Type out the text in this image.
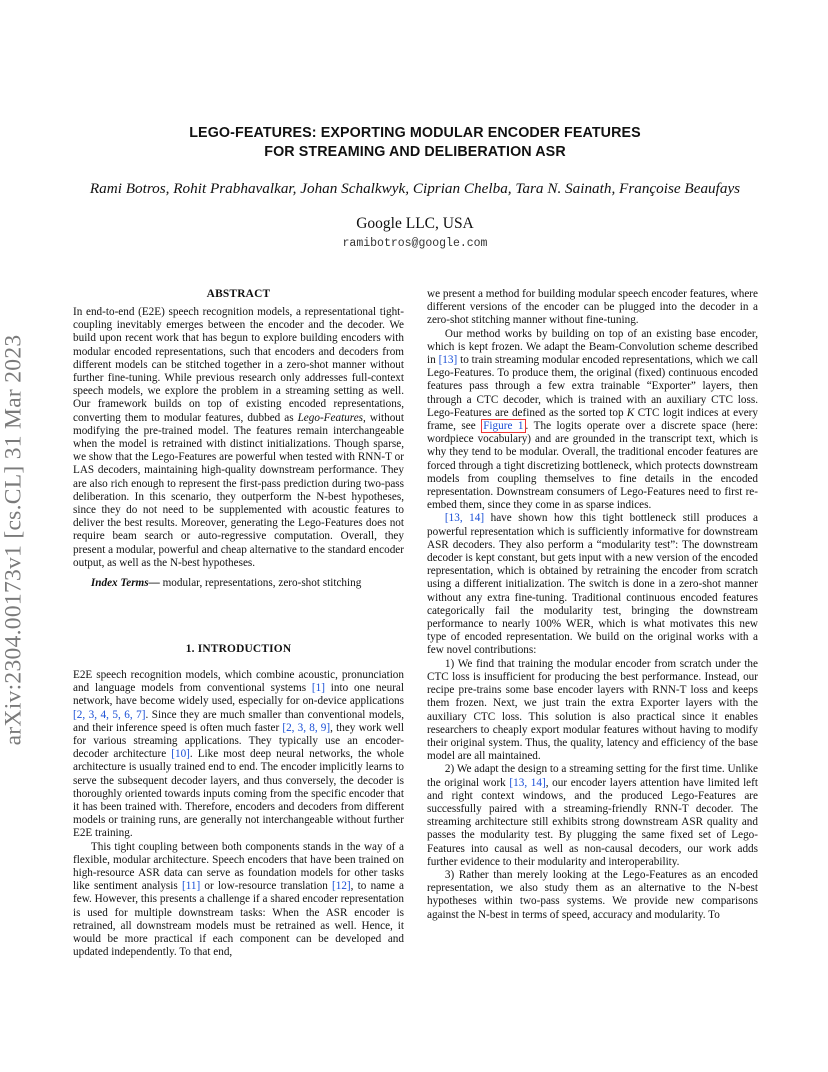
arXiv:2304.00173v1 [cs.CL] 31 Mar 2023
LEGO-FEATURES: EXPORTING MODULAR ENCODER FEATURES
FOR STREAMING AND DELIBERATION ASR
Rami Botros, Rohit Prabhavalkar, Johan Schalkwyk, Ciprian Chelba, Tara N. Sainath, Françoise Beaufays
Google LLC, USA
ramibotros@google.com
ABSTRACT

In end-to-end (E2E) speech recognition models, a representational tight-coupling inevitably emerges between the encoder and the decoder. We build upon recent work that has begun to explore building encoders with modular encoded representations, such that encoders and decoders from different models can be stitched together in a zero-shot manner without further fine-tuning. While previous research only addresses full-context speech models, we explore the problem in a streaming setting as well. Our framework builds on top of existing encoded representations, converting them to modular features, dubbed as Lego-Features, without modifying the pre-trained model. The features remain interchangeable when the model is retrained with distinct initializations. Though sparse, we show that the Lego-Features are powerful when tested with RNN-T or LAS decoders, maintaining high-quality downstream performance. They are also rich enough to represent the first-pass prediction during two-pass deliberation. In this scenario, they outperform the N-best hypotheses, since they do not need to be supplemented with acoustic features to deliver the best results. Moreover, generating the Lego-Features does not require beam search or auto-regressive computation. Overall, they present a modular, powerful and cheap alternative to the standard encoder output, as well as the N-best hypotheses.

Index Terms— modular, representations, zero-shot stitching

1. INTRODUCTION

E2E speech recognition models, which combine acoustic, pronunciation and language models from conventional systems [1] into one neural network, have become widely used, especially for on-device applications [2, 3, 4, 5, 6, 7]. Since they are much smaller than conventional models, and their inference speed is often much faster [2, 3, 8, 9], they work well for various streaming applications. They typically use an encoder-decoder architecture [10]. Like most deep neural networks, the whole architecture is usually trained end to end. The encoder implicitly learns to serve the subsequent decoder layers, and thus conversely, the decoder is thoroughly oriented towards inputs coming from the specific encoder that it has been trained with. Therefore, encoders and decoders from different models or training runs, are generally not interchangeable without further E2E training.

This tight coupling between both components stands in the way of a flexible, modular architecture. Speech encoders that have been trained on high-resource ASR data can serve as foundation models for other tasks like sentiment analysis [11] or low-resource translation [12], to name a few. However, this presents a challenge if a shared encoder representation is used for multiple downstream tasks: When the ASR encoder is retrained, all downstream models must be retrained as well. Hence, it would be more practical if each component can be developed and updated independently. To that end,

we present a method for building modular speech encoder features, where different versions of the encoder can be plugged into the decoder in a zero-shot stitching manner without fine-tuning.

Our method works by building on top of an existing base encoder, which is kept frozen. We adapt the Beam-Convolution scheme described in [13] to train streaming modular encoded representations, which we call Lego-Features. To produce them, the original (fixed) continuous encoded features pass through a few extra trainable “Exporter” layers, then through a CTC decoder, which is trained with an auxiliary CTC loss. Lego-Features are defined as the sorted top K CTC logit indices at every frame, see Figure 1 . The logits operate over a discrete space (here: wordpiece vocabulary) and are grounded in the transcript text, which is why they tend to be modular. Overall, the traditional encoder features are forced through a tight discretizing bottleneck, which protects downstream models from coupling themselves to fine details in the encoded representation. Downstream consumers of Lego-Features need to first re-embed them, since they come in as sparse indices.

[13, 14] have shown how this tight bottleneck still produces a powerful representation which is sufficiently informative for downstream ASR decoders. They also perform a “modularity test”: The downstream decoder is kept constant, but gets input with a new version of the encoded representation, which is obtained by retraining the encoder from scratch using a different initialization. The switch is done in a zero-shot manner without any extra fine-tuning. Traditional continuous encoded features categorically fail the modularity test, bringing the downstream performance to nearly 100% WER, which is what motivates this new type of encoded representation. We build on the original works with a few novel contributions:

1) We find that training the modular encoder from scratch under the CTC loss is insufficient for producing the best performance. Instead, our recipe pre-trains some base encoder layers with RNN-T loss and keeps them frozen. Next, we just train the extra Exporter layers with the auxiliary CTC loss. This solution is also practical since it enables researchers to cheaply export modular features without having to modify their original system. Thus, the quality, latency and efficiency of the base model are all maintained.

2) We adapt the design to a streaming setting for the first time. Unlike the original work [13, 14], our encoder layers attention have limited left and right context windows, and the produced Lego-Features are successfully paired with a streaming-friendly RNN-T decoder. The streaming architecture still exhibits strong downstream ASR quality and passes the modularity test. By plugging the same fixed set of Lego-Features into causal as well as non-causal decoders, our work adds further evidence to their modularity and interoperability.

3) Rather than merely looking at the Lego-Features as an encoded representation, we also study them as an alternative to the N-best hypotheses within two-pass systems. We provide new comparisons against the N-best in terms of speed, accuracy and modularity. To
